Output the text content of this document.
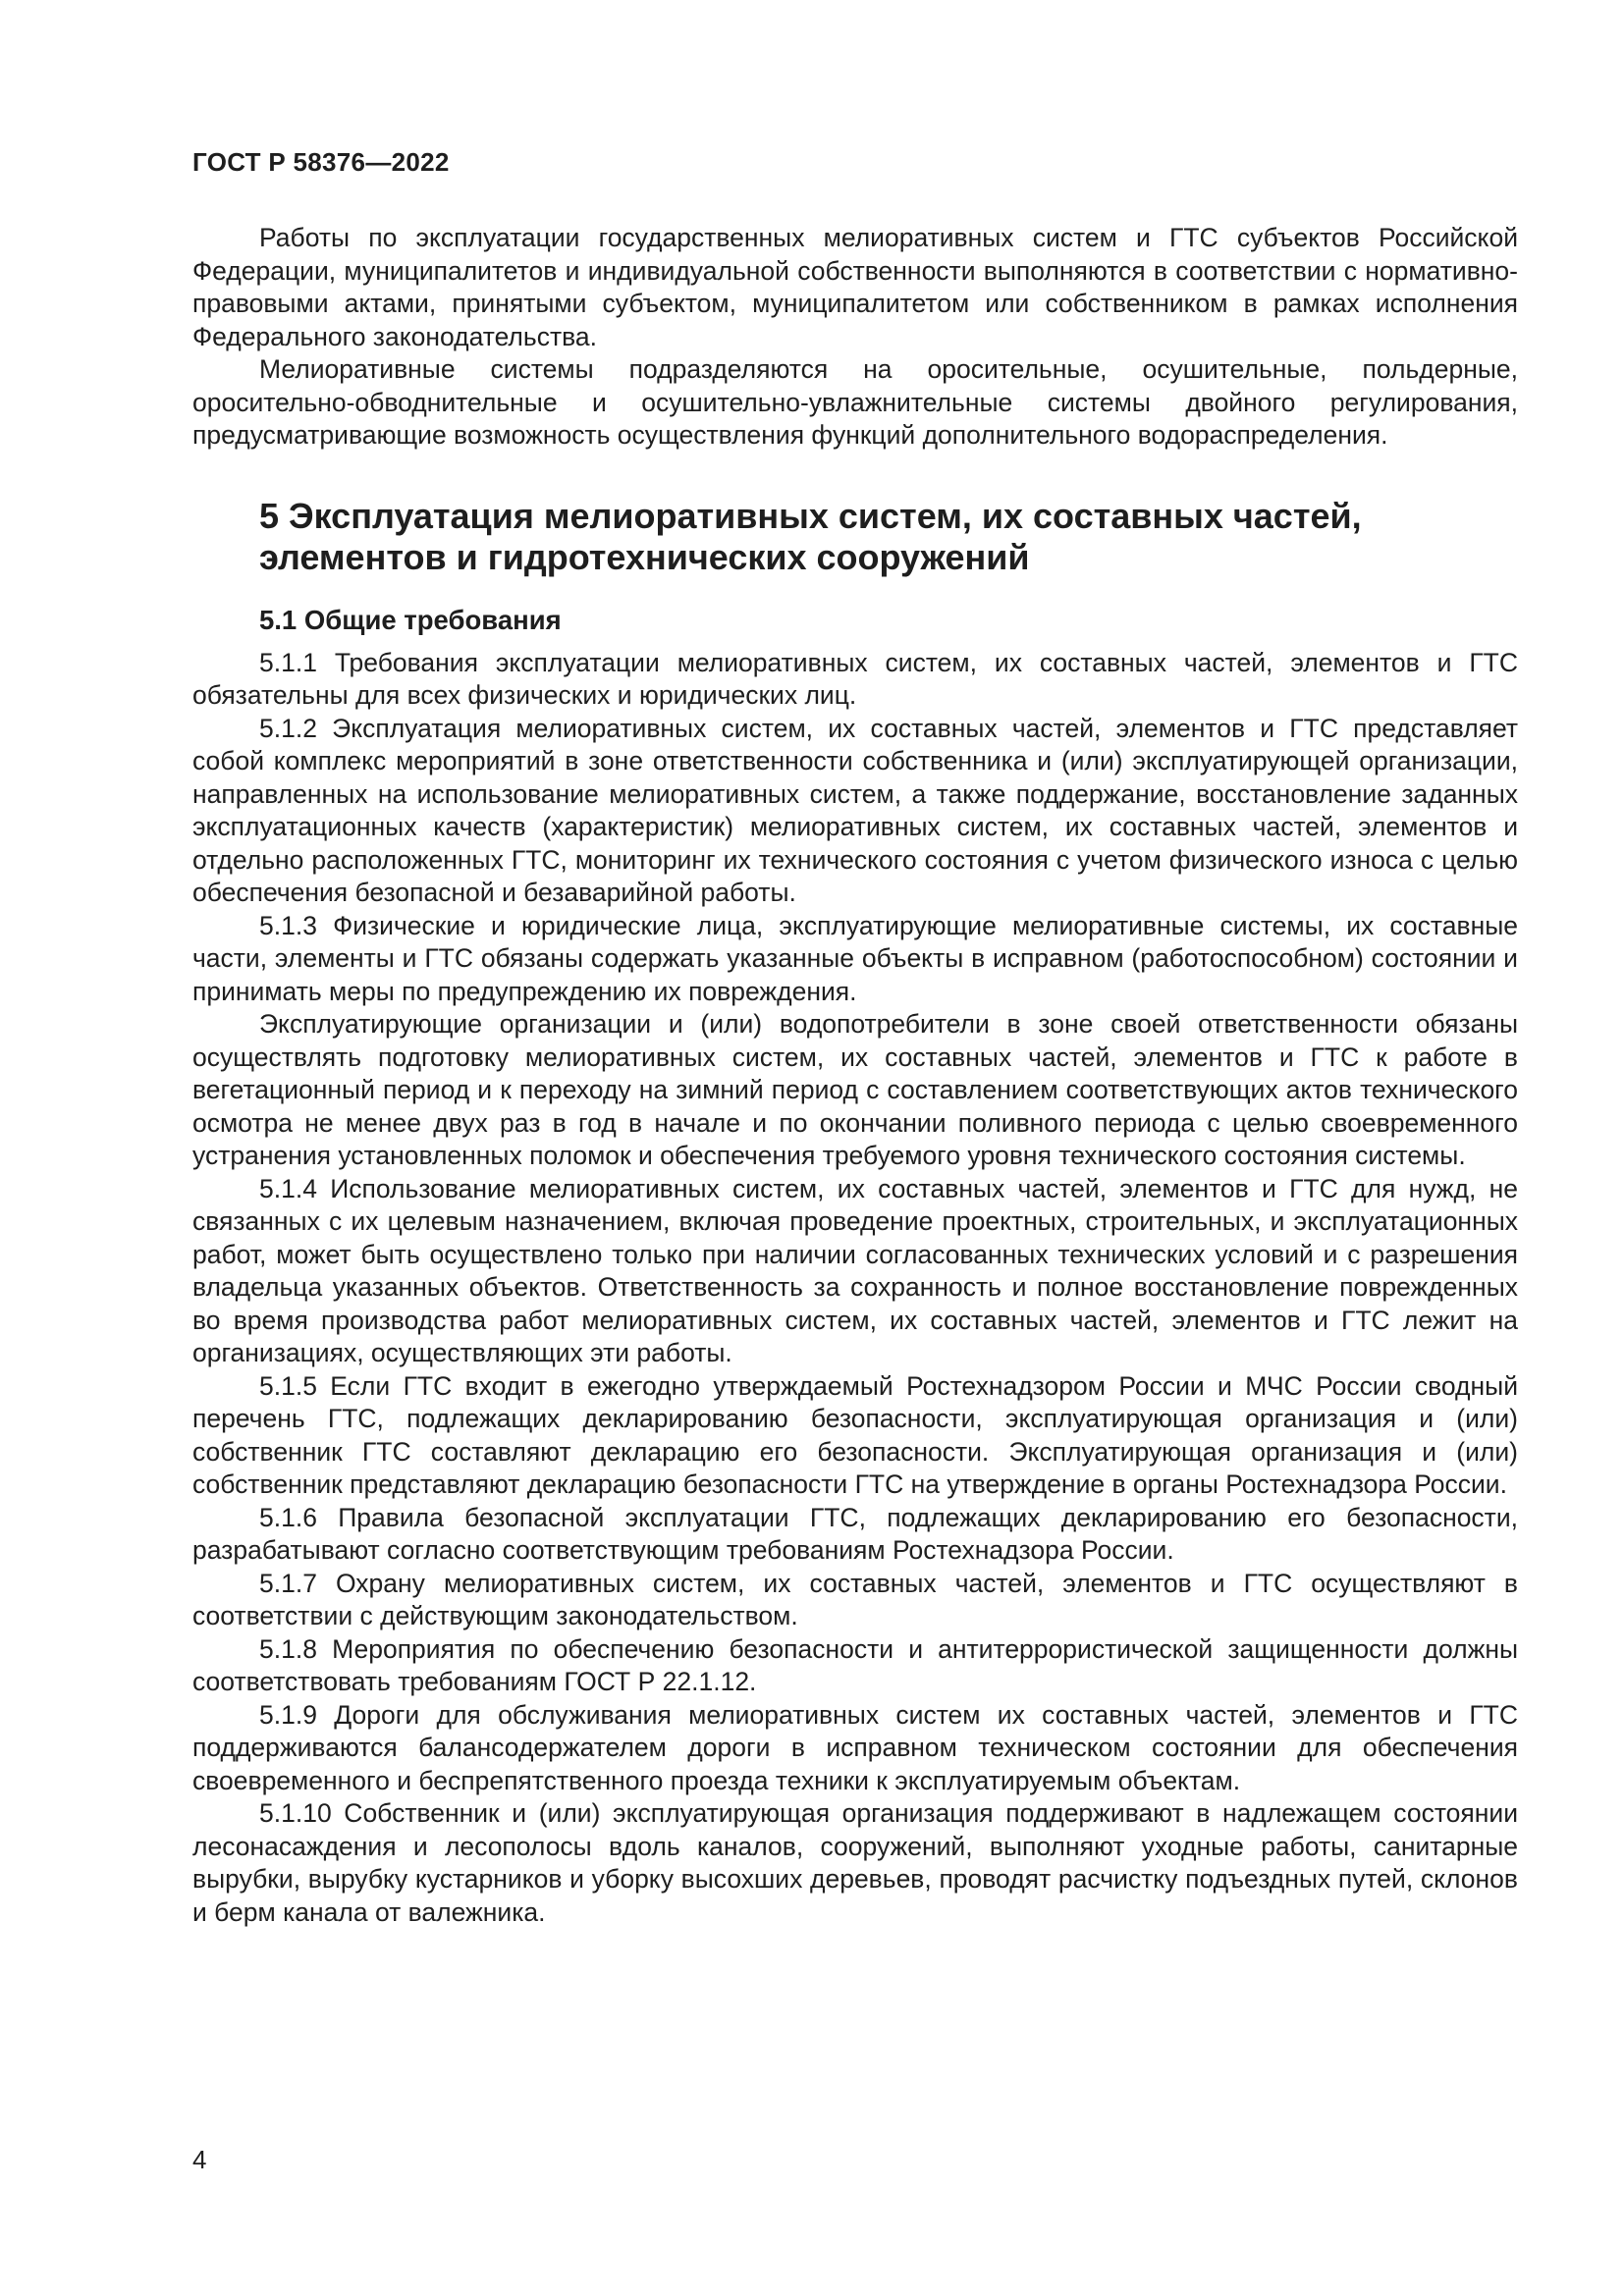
ГОСТ Р 58376—2022

Работы по эксплуатации государственных мелиоративных систем и ГТС субъектов Российской Федерации, муниципалитетов и индивидуальной собственности выполняются в соответствии с нормативно-правовыми актами, принятыми субъектом, муниципалитетом или собственником в рамках исполнения Федерального законодательства.

Мелиоративные системы подразделяются на оросительные, осушительные, польдерные, оросительно-обводнительные и осушительно-увлажнительные системы двойного регулирования, предусматривающие возможность осуществления функций дополнительного водораспределения.

5 Эксплуатация мелиоративных систем, их составных частей,
элементов и гидротехнических сооружений
5.1 Общие требования

5.1.1 Требования эксплуатации мелиоративных систем, их составных частей, элементов и ГТС обязательны для всех физических и юридических лиц.

5.1.2 Эксплуатация мелиоративных систем, их составных частей, элементов и ГТС представляет собой комплекс мероприятий в зоне ответственности собственника и (или) эксплуатирующей организации, направленных на использование мелиоративных систем, а также поддержание, восстановление заданных эксплуатационных качеств (характеристик) мелиоративных систем, их составных частей, элементов и отдельно расположенных ГТС, мониторинг их технического состояния с учетом физического износа с целью обеспечения безопасной и безаварийной работы.

5.1.3 Физические и юридические лица, эксплуатирующие мелиоративные системы, их составные части, элементы и ГТС обязаны содержать указанные объекты в исправном (работоспособном) состоянии и принимать меры по предупреждению их повреждения.

Эксплуатирующие организации и (или) водопотребители в зоне своей ответственности обязаны осуществлять подготовку мелиоративных систем, их составных частей, элементов и ГТС к работе в вегетационный период и к переходу на зимний период с составлением соответствующих актов технического осмотра не менее двух раз в год в начале и по окончании поливного периода с целью своевременного устранения установленных поломок и обеспечения требуемого уровня технического состояния системы.

5.1.4 Использование мелиоративных систем, их составных частей, элементов и ГТС для нужд, не связанных с их целевым назначением, включая проведение проектных, строительных, и эксплуатационных работ, может быть осуществлено только при наличии согласованных технических условий и с разрешения владельца указанных объектов. Ответственность за сохранность и полное восстановление поврежденных во время производства работ мелиоративных систем, их составных частей, элементов и ГТС лежит на организациях, осуществляющих эти работы.

5.1.5 Если ГТС входит в ежегодно утверждаемый Ростехнадзором России и МЧС России сводный перечень ГТС, подлежащих декларированию безопасности, эксплуатирующая организация и (или) собственник ГТС составляют декларацию его безопасности. Эксплуатирующая организация и (или) собственник представляют декларацию безопасности ГТС на утверждение в органы Ростехнадзора России.

5.1.6 Правила безопасной эксплуатации ГТС, подлежащих декларированию его безопасности, разрабатывают согласно соответствующим требованиям Ростехнадзора России.

5.1.7 Охрану мелиоративных систем, их составных частей, элементов и ГТС осуществляют в соответствии с действующим законодательством.

5.1.8 Мероприятия по обеспечению безопасности и антитеррористической защищенности должны соответствовать требованиям ГОСТ Р 22.1.12.

5.1.9 Дороги для обслуживания мелиоративных систем их составных частей, элементов и ГТС поддерживаются балансодержателем дороги в исправном техническом состоянии для обеспечения своевременного и беспрепятственного проезда техники к эксплуатируемым объектам.

5.1.10 Собственник и (или) эксплуатирующая организация поддерживают в надлежащем состоянии лесонасаждения и лесополосы вдоль каналов, сооружений, выполняют уходные работы, санитарные вырубки, вырубку кустарников и уборку высохших деревьев, проводят расчистку подъездных путей, склонов и берм канала от валежника.

4
